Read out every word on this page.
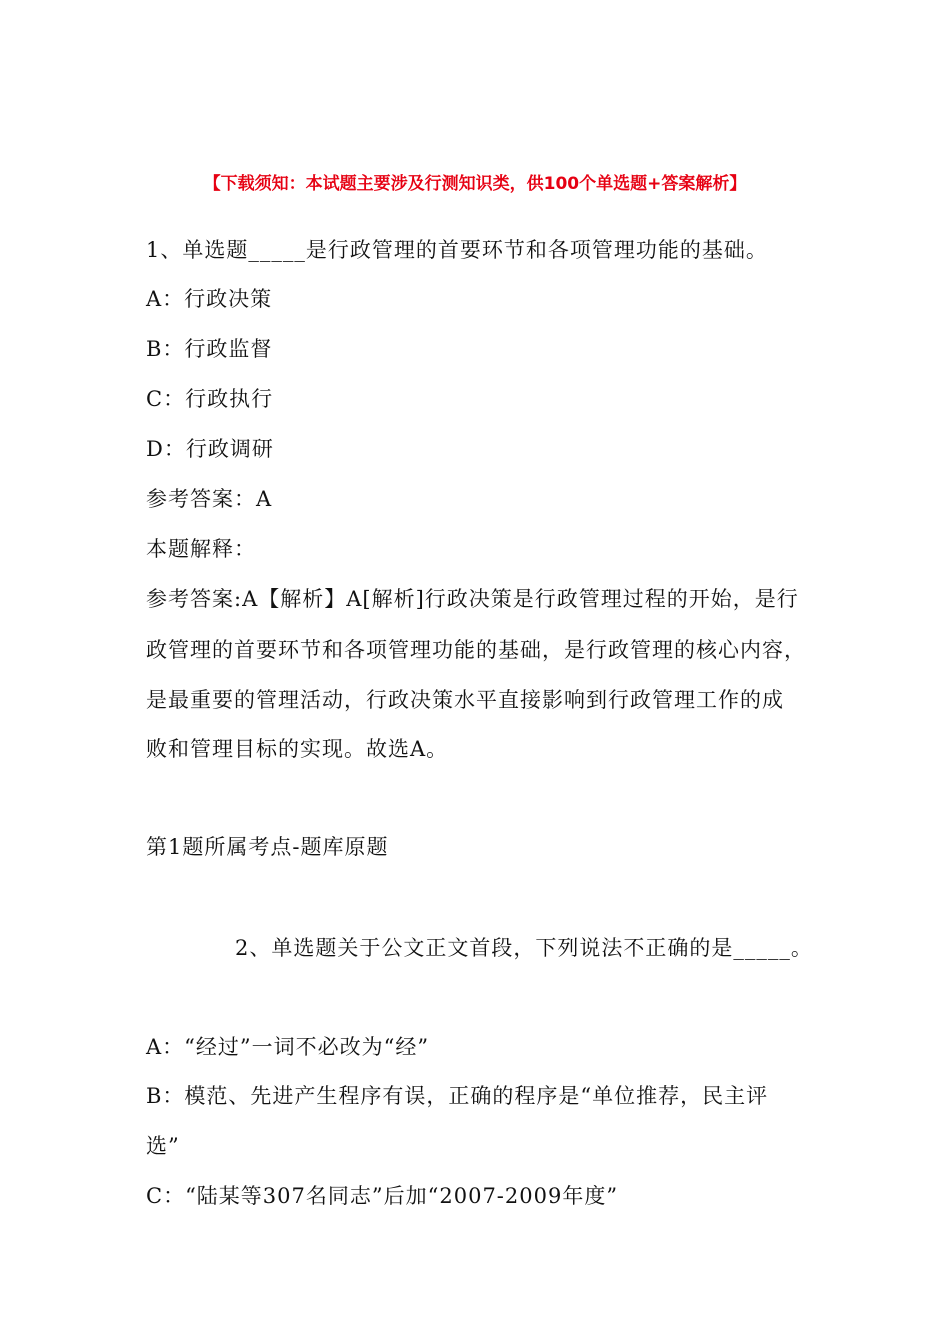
【下载须知：本试题主要涉及行测知识类，供100个单选题+答案解析】
1、单选题_____是行政管理的首要环节和各项管理功能的基础。
A：行政决策
B：行政监督
C：行政执行
D：行政调研
参考答案：A
本题解释：
参考答案:A【解析】A[解析]行政决策是行政管理过程的开始，是行
政管理的首要环节和各项管理功能的基础，是行政管理的核心内容，
是最重要的管理活动，行政决策水平直接影响到行政管理工作的成
败和管理目标的实现。故选A。
第1题所属考点-题库原题
2、单选题关于公文正文首段，下列说法不正确的是_____。
A：“经过”一词不必改为“经”
B：模范、先进产生程序有误，正确的程序是“单位推荐，民主评
选”
C：“陆某等307名同志”后加“2007-2009年度”
